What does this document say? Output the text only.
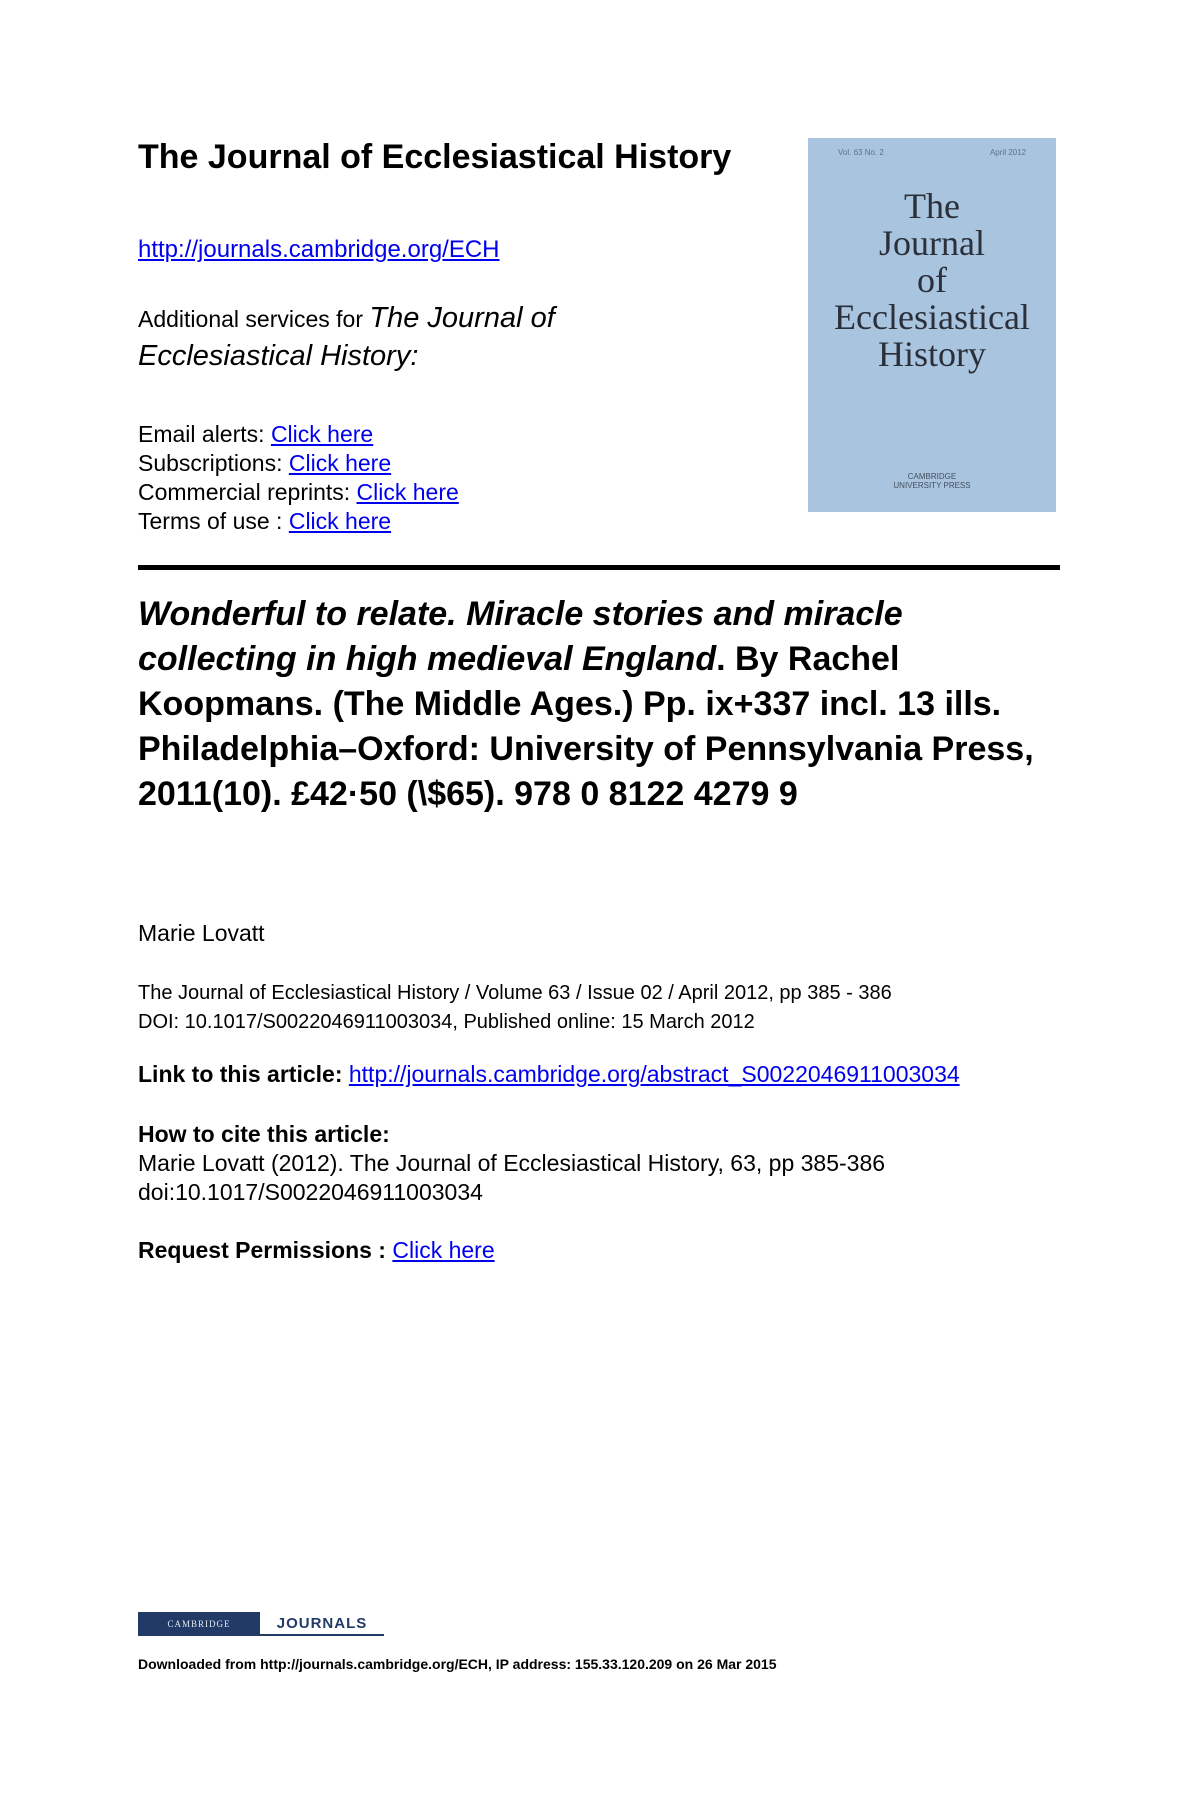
The Journal of Ecclesiastical History
http://journals.cambridge.org/ECH
Additional services for The Journal of Ecclesiastical History:
Email alerts: Click here
Subscriptions: Click here
Commercial reprints: Click here
Terms of use : Click here
Vol. 63 No. 2	April 2012
The
Journal
of
Ecclesiastical
History
CAMBRIDGE
UNIVERSITY PRESS
Wonderful to relate. Miracle stories and miracle collecting in high medieval England. By Rachel Koopmans. (The Middle Ages.) Pp. ix+337 incl. 13 ills. Philadelphia–Oxford: University of Pennsylvania Press, 2011(10). £42·50 (\$65). 978 0 8122 4279 9
Marie Lovatt
The Journal of Ecclesiastical History / Volume 63 / Issue 02 / April 2012, pp 385 - 386
DOI: 10.1017/S0022046911003034, Published online: 15 March 2012
Link to this article: http://journals.cambridge.org/abstract_S0022046911003034
How to cite this article:
Marie Lovatt (2012). The Journal of Ecclesiastical History, 63, pp 385-386
doi:10.1017/S0022046911003034
Request Permissions : Click here
CAMBRIDGE	JOURNALS
Downloaded from http://journals.cambridge.org/ECH, IP address: 155.33.120.209 on 26 Mar 2015
